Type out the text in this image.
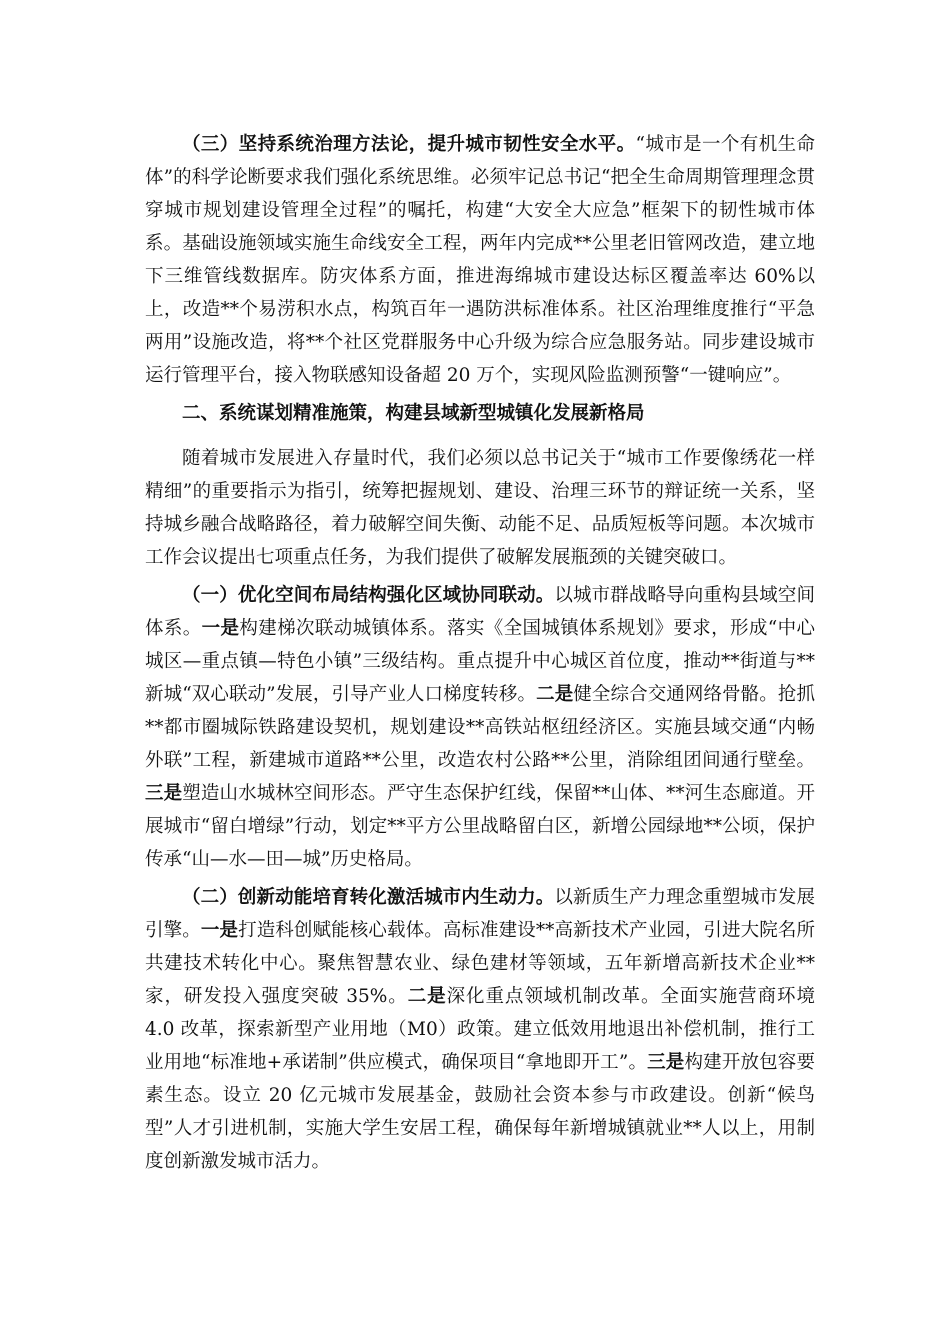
（三）坚持系统治理方法论，提升城市韧性安全水平。“城市是一个有机生命体”的科学论断要求我们强化系统思维。必须牢记总书记“把全生命周期管理理念贯穿城市规划建设管理全过程”的嘱托，构建“大安全大应急”框架下的韧性城市体系。基础设施领域实施生命线安全工程，两年内完成**公里老旧管网改造，建立地下三维管线数据库。防灾体系方面，推进海绵城市建设达标区覆盖率达 60%以上，改造**个易涝积水点，构筑百年一遇防洪标准体系。社区治理维度推行“平急两用”设施改造，将**个社区党群服务中心升级为综合应急服务站。同步建设城市运行管理平台，接入物联感知设备超 20 万个，实现风险监测预警“一键响应”。

二、系统谋划精准施策，构建县域新型城镇化发展新格局

随着城市发展进入存量时代，我们必须以总书记关于“城市工作要像绣花一样精细”的重要指示为指引，统筹把握规划、建设、治理三环节的辩证统一关系，坚持城乡融合战略路径，着力破解空间失衡、动能不足、品质短板等问题。本次城市工作会议提出七项重点任务，为我们提供了破解发展瓶颈的关键突破口。

（一）优化空间布局结构强化区域协同联动。以城市群战略导向重构县域空间体系。一是构建梯次联动城镇体系。落实《全国城镇体系规划》要求，形成“中心城区—重点镇—特色小镇”三级结构。重点提升中心城区首位度，推动**街道与**新城“双心联动”发展，引导产业人口梯度转移。二是健全综合交通网络骨骼。抢抓**都市圈城际铁路建设契机，规划建设**高铁站枢纽经济区。实施县域交通“内畅外联”工程，新建城市道路**公里，改造农村公路**公里，消除组团间通行壁垒。三是塑造山水城林空间形态。严守生态保护红线，保留**山体、**河生态廊道。开展城市“留白增绿”行动，划定**平方公里战略留白区，新增公园绿地**公顷，保护传承“山—水—田—城”历史格局。

（二）创新动能培育转化激活城市内生动力。以新质生产力理念重塑城市发展引擎。一是打造科创赋能核心载体。高标准建设**高新技术产业园，引进大院名所共建技术转化中心。聚焦智慧农业、绿色建材等领域，五年新增高新技术企业**家，研发投入强度突破 35%。二是深化重点领域机制改革。全面实施营商环境 4.0 改革，探索新型产业用地（M0）政策。建立低效用地退出补偿机制，推行工业用地“标准地+承诺制”供应模式，确保项目“拿地即开工”。三是构建开放包容要素生态。设立 20 亿元城市发展基金，鼓励社会资本参与市政建设。创新“候鸟型”人才引进机制，实施大学生安居工程，确保每年新增城镇就业**人以上，用制度创新激发城市活力。
